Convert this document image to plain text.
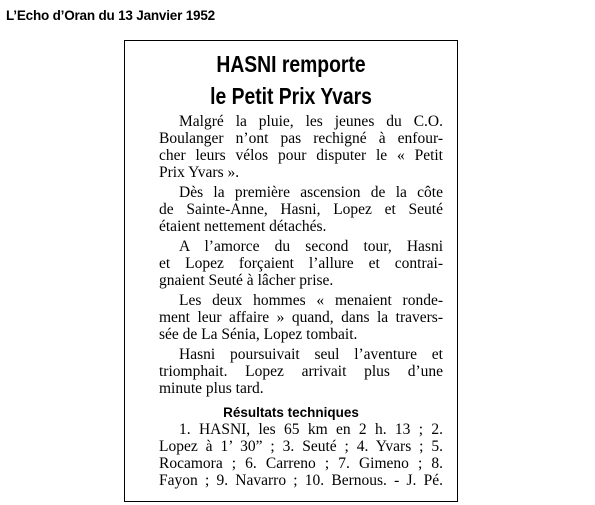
L’Echo d’Oran du 13 Janvier 1952
HASNI remporte
le Petit Prix Yvars
Malgré la pluie, les jeunes du C.O.
Boulanger n’ont pas rechigné à enfour-
cher leurs vélos pour disputer le « Petit
Prix Yvars ».
Dès la première ascension de la côte
de Sainte-Anne, Hasni, Lopez et Seuté
étaient nettement détachés.
A l’amorce du second tour, Hasni
et Lopez forçaient l’allure et contrai-
gnaient Seuté à lâcher prise.
Les deux hommes « menaient ronde-
ment leur affaire » quand, dans la travers-
sée de La Sénia, Lopez tombait.
Hasni poursuivait seul l’aventure et
triomphait. Lopez arrivait plus d’une
minute plus tard.
Résultats techniques
1. HASNI, les 65 km en 2 h. 13 ; 2.
Lopez à 1’ 30” ; 3. Seuté ; 4. Yvars ; 5.
Rocamora ; 6. Carreno ; 7. Gimeno ; 8.
Fayon ; 9. Navarro ; 10. Bernous. - J. Pé.
